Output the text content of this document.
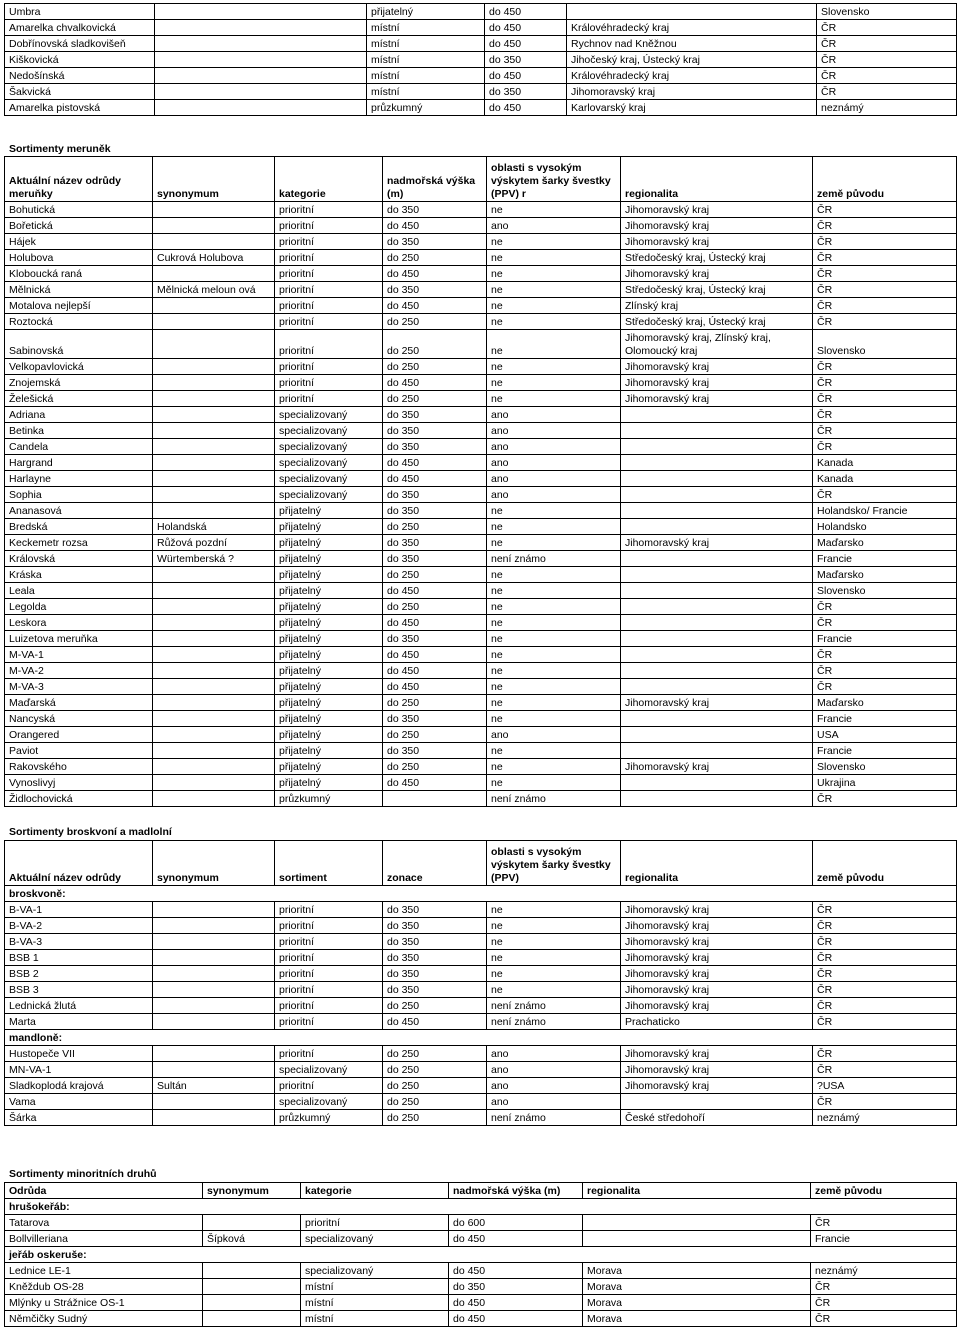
Umbra		přijatelný	do 450			Slovensko
Amarelka chvalkovická		místní	do 450	Královéhradecký kraj		ČR
Dobřínovská sladkovišeň		místní	do 450	Rychnov nad Kněžnou		ČR
Kiškovická		místní	do 350	Jihočeský kraj, Ústecký kraj		ČR
Nedošínská		místní	do 450	Královéhradecký kraj		ČR
Šakvická		místní	do 350	Jihomoravský kraj		ČR
Amarelka pistovská		průzkumný	do 450	Karlovarský kraj		neznámý
Sortimenty meruněk
Aktuální název odrůdy meruňky	synonymum	kategorie	nadmořská výška (m)	oblasti s vysokým výskytem šarky švestky (PPV) r	regionalita	země původu
Bohutická		prioritní	do 350	ne	Jihomoravský kraj	ČR
Bořetická		prioritní	do 450	ano	Jihomoravský kraj	ČR
Hájek		prioritní	do 350	ne	Jihomoravský kraj	ČR
Holubova	Cukrová Holubova	prioritní	do 250	ne	Středočeský kraj, Ústecký kraj	ČR
Kloboucká raná		prioritní	do 450	ne	Jihomoravský kraj	ČR
Mělnická	Mělnická meloun ová	prioritní	do 350	ne	Středočeský kraj, Ústecký kraj	ČR
Motalova nejlepší		prioritní	do 450	ne	Zlínský kraj	ČR
Roztocká		prioritní	do 250	ne	Středočeský kraj, Ústecký kraj	ČR
Sabinovská		prioritní	do 250	ne	Jihomoravský kraj, Zlínský kraj, Olomoucký kraj	Slovensko
Velkopavlovická		prioritní	do 250	ne	Jihomoravský kraj	ČR
Znojemská		prioritní	do 450	ne	Jihomoravský kraj	ČR
Želešická		prioritní	do 250	ne	Jihomoravský kraj	ČR
Adriana		specializovaný	do 350	ano		ČR
Betinka		specializovaný	do 350	ano		ČR
Candela		specializovaný	do 350	ano		ČR
Hargrand		specializovaný	do 450	ano		Kanada
Harlayne		specializovaný	do 450	ano		Kanada
Sophia		specializovaný	do 350	ano		ČR
Ananasová		přijatelný	do 350	ne		Holandsko/ Francie
Bredská	Holandská	přijatelný	do 250	ne		Holandsko
Keckemetr rozsa	Růžová pozdní	přijatelný	do 350	ne	Jihomoravský kraj	Maďarsko
Královská	Würtemberská ?	přijatelný	do 350	není známo		Francie
Kráska		přijatelný	do 250	ne		Maďarsko
Leala		přijatelný	do 450	ne		Slovensko
Legolda		přijatelný	do 250	ne		ČR
Leskora		přijatelný	do 450	ne		ČR
Luizetova meruňka		přijatelný	do 350	ne		Francie
M-VA-1		přijatelný	do 450	ne		ČR
M-VA-2		přijatelný	do 450	ne		ČR
M-VA-3		přijatelný	do 450	ne		ČR
Maďarská		přijatelný	do 250	ne	Jihomoravský kraj	Maďarsko
Nancyská		přijatelný	do 350	ne		Francie
Orangered		přijatelný	do 250	ano		USA
Paviot		přijatelný	do 350	ne		Francie
Rakovského		přijatelný	do 250	ne	Jihomoravský kraj	Slovensko
Vynoslivyj		přijatelný	do 450	ne		Ukrajina
Židlochovická		průzkumný		není známo		ČR
Sortimenty broskvoní a madlolní
Aktuální název odrůdy	synonymum	sortiment	zonace	oblasti s vysokým výskytem šarky švestky (PPV)	regionalita	země původu
broskvoně:						
B-VA-1		prioritní	do 350	ne	Jihomoravský kraj	ČR
B-VA-2		prioritní	do 350	ne	Jihomoravský kraj	ČR
B-VA-3		prioritní	do 350	ne	Jihomoravský kraj	ČR
BSB 1		prioritní	do 350	ne	Jihomoravský kraj	ČR
BSB 2		prioritní	do 350	ne	Jihomoravský kraj	ČR
BSB 3		prioritní	do 350	ne	Jihomoravský kraj	ČR
Lednická žlutá		prioritní	do 250	není známo	Jihomoravský kraj	ČR
Marta		prioritní	do 450	není známo	Prachaticko	ČR
mandloně:						
Hustopeče VII		prioritní	do 250	ano	Jihomoravský kraj	ČR
MN-VA-1		specializovaný	do 250	ano	Jihomoravský kraj	ČR
Sladkoplodá krajová	Sultán	prioritní	do 250	ano	Jihomoravský kraj	?USA
Vama		specializovaný	do 250	ano		ČR
Šárka		průzkumný	do 250	není známo	České středohoří	neznámý
Sortimenty minoritních druhů
Odrůda	synonymum	kategorie	nadmořská výška (m)	regionalita	země původu
hrušokeřáb:					
Tatarova		prioritní	do 600		ČR
Bollvilleriana	Šípková	specializovaný	do 450		Francie
jeřáb oskeruše:					
Lednice LE-1		specializovaný	do 450	Morava	neznámý
Kněždub OS-28		místní	do 350	Morava	ČR
Mlýnky u Strážnice OS-1		místní	do 450	Morava	ČR
Němčičky Sudný		místní	do 450	Morava	ČR
